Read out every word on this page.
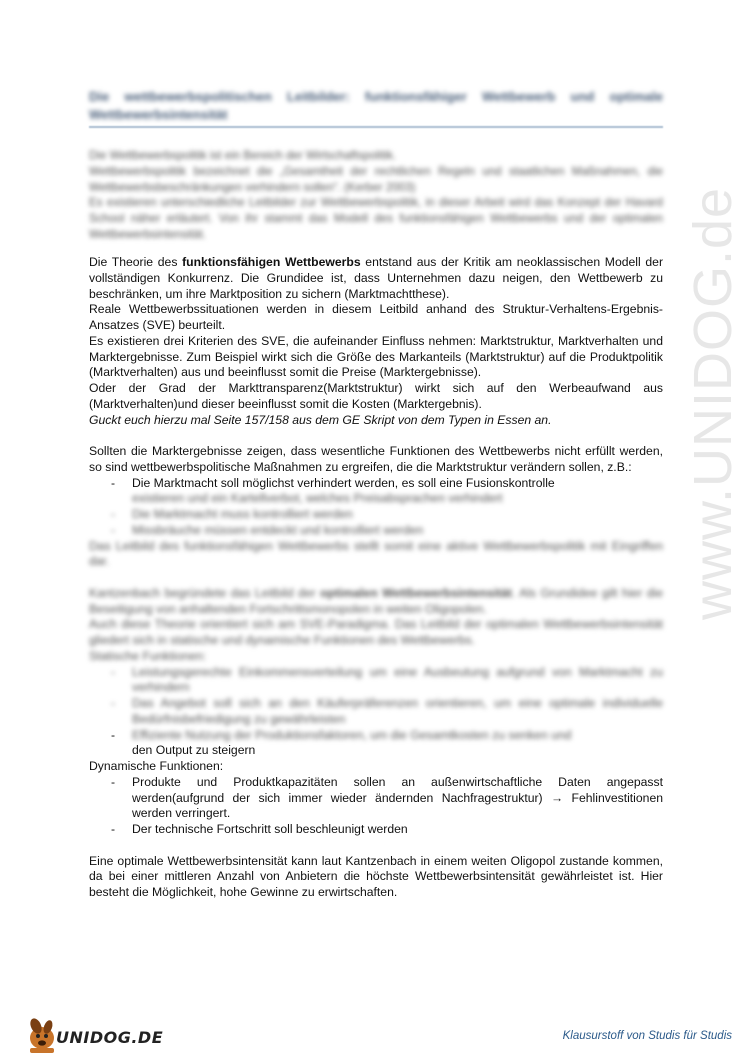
Die wettbewerbspolitischen Leitbilder: funktionsfähiger Wettbewerb und optimale Wettbewerbsintensität
Die Wettbewerbspolitik ist ein Bereich der Wirtschaftspolitik.
Wettbewerbspolitik bezeichnet die „Gesamtheit der rechtlichen Regeln und staatlichen Maßnahmen, die Wettbewerbsbeschränkungen verhindern sollen“. (Kerber 2003)
Es existieren unterschiedliche Leitbilder zur Wettbewerbspolitik, in dieser Arbeit wird das Konzept der Havard School näher erläutert. Von ihr stammt das Modell des funktionsfähigen Wettbewerbs und der optimalen Wettbewerbsintensität.

Die Theorie des funktionsfähigen Wettbewerbs entstand aus der Kritik am neoklassischen Modell der vollständigen Konkurrenz. Die Grundidee ist, dass Unternehmen dazu neigen, den Wettbewerb zu beschränken, um ihre Marktposition zu sichern (Marktmachtthese).

Reale Wettbewerbssituationen werden in diesem Leitbild anhand des Struktur-Verhaltens-Ergebnis-Ansatzes (SVE) beurteilt.

Es existieren drei Kriterien des SVE, die aufeinander Einfluss nehmen: Marktstruktur, Marktverhalten und Marktergebnisse. Zum Beispiel wirkt sich die Größe des Markanteils (Marktstruktur) auf die Produktpolitik (Marktverhalten) aus und beeinflusst somit die Preise (Marktergebnisse).

Oder der Grad der Markttransparenz(Marktstruktur) wirkt sich auf den Werbeaufwand aus (Marktverhalten)und dieser beeinflusst somit die Kosten (Marktergebnis).

Guckt euch hierzu mal Seite 157/158 aus dem GE Skript von dem Typen in Essen an.

Sollten die Marktergebnisse zeigen, dass wesentliche Funktionen des Wettbewerbs nicht erfüllt werden, so sind wettbewerbspolitische Maßnahmen zu ergreifen, die die Marktstruktur verändern sollen, z.B.:

- Die Marktmacht soll möglichst verhindert werden, es soll eine Fusionskontrolle
existieren und ein Kartellverbot, welches Preisabsprachen verhindert
- Die Marktmacht muss kontrolliert werden
- Missbräuche müssen entdeckt und kontrolliert werden

Das Leitbild des funktionsfähigen Wettbewerbs stellt somit eine aktive Wettbewerbspolitik mit Eingriffen dar.

Kantzenbach begründete das Leitbild der optimalen Wettbewerbsintensität. Als Grundidee gilt hier die Beseitigung von anhaltenden Fortschrittsmonopolen in weiten Oligopolen.

Auch diese Theorie orientiert sich am SVE-Paradigma. Das Leitbild der optimalen Wettbewerbsintensität gliedert sich in statische und dynamische Funktionen des Wettbewerbs.

Statische Funktionen:

- Leistungsgerechte Einkommensverteilung um eine Ausbeutung aufgrund von Marktmacht zu verhindern
- Das Angebot soll sich an den Käuferpräferenzen orientieren, um eine optimale individuelle Bedürfnisbefriedigung zu gewährleisten
- Effiziente Nutzung der Produktionsfaktoren, um die Gesamtkosten zu senken und
den Output zu steigern

Dynamische Funktionen:

- Produkte und Produktkapazitäten sollen an außenwirtschaftliche Daten angepasst werden(aufgrund der sich immer wieder ändernden Nachfragestruktur) → Fehlinvestitionen werden verringert.
- Der technische Fortschritt soll beschleunigt werden

Eine optimale Wettbewerbsintensität kann laut Kantzenbach in einem weiten Oligopol zustande kommen, da bei einer mittleren Anzahl von Anbietern die höchste Wettbewerbsintensität gewährleistet ist. Hier besteht die Möglichkeit, hohe Gewinne zu erwirtschaften.

www.UNIDOG.de
UNIDOG.DE	Klausurstoff von Studis für Studis
